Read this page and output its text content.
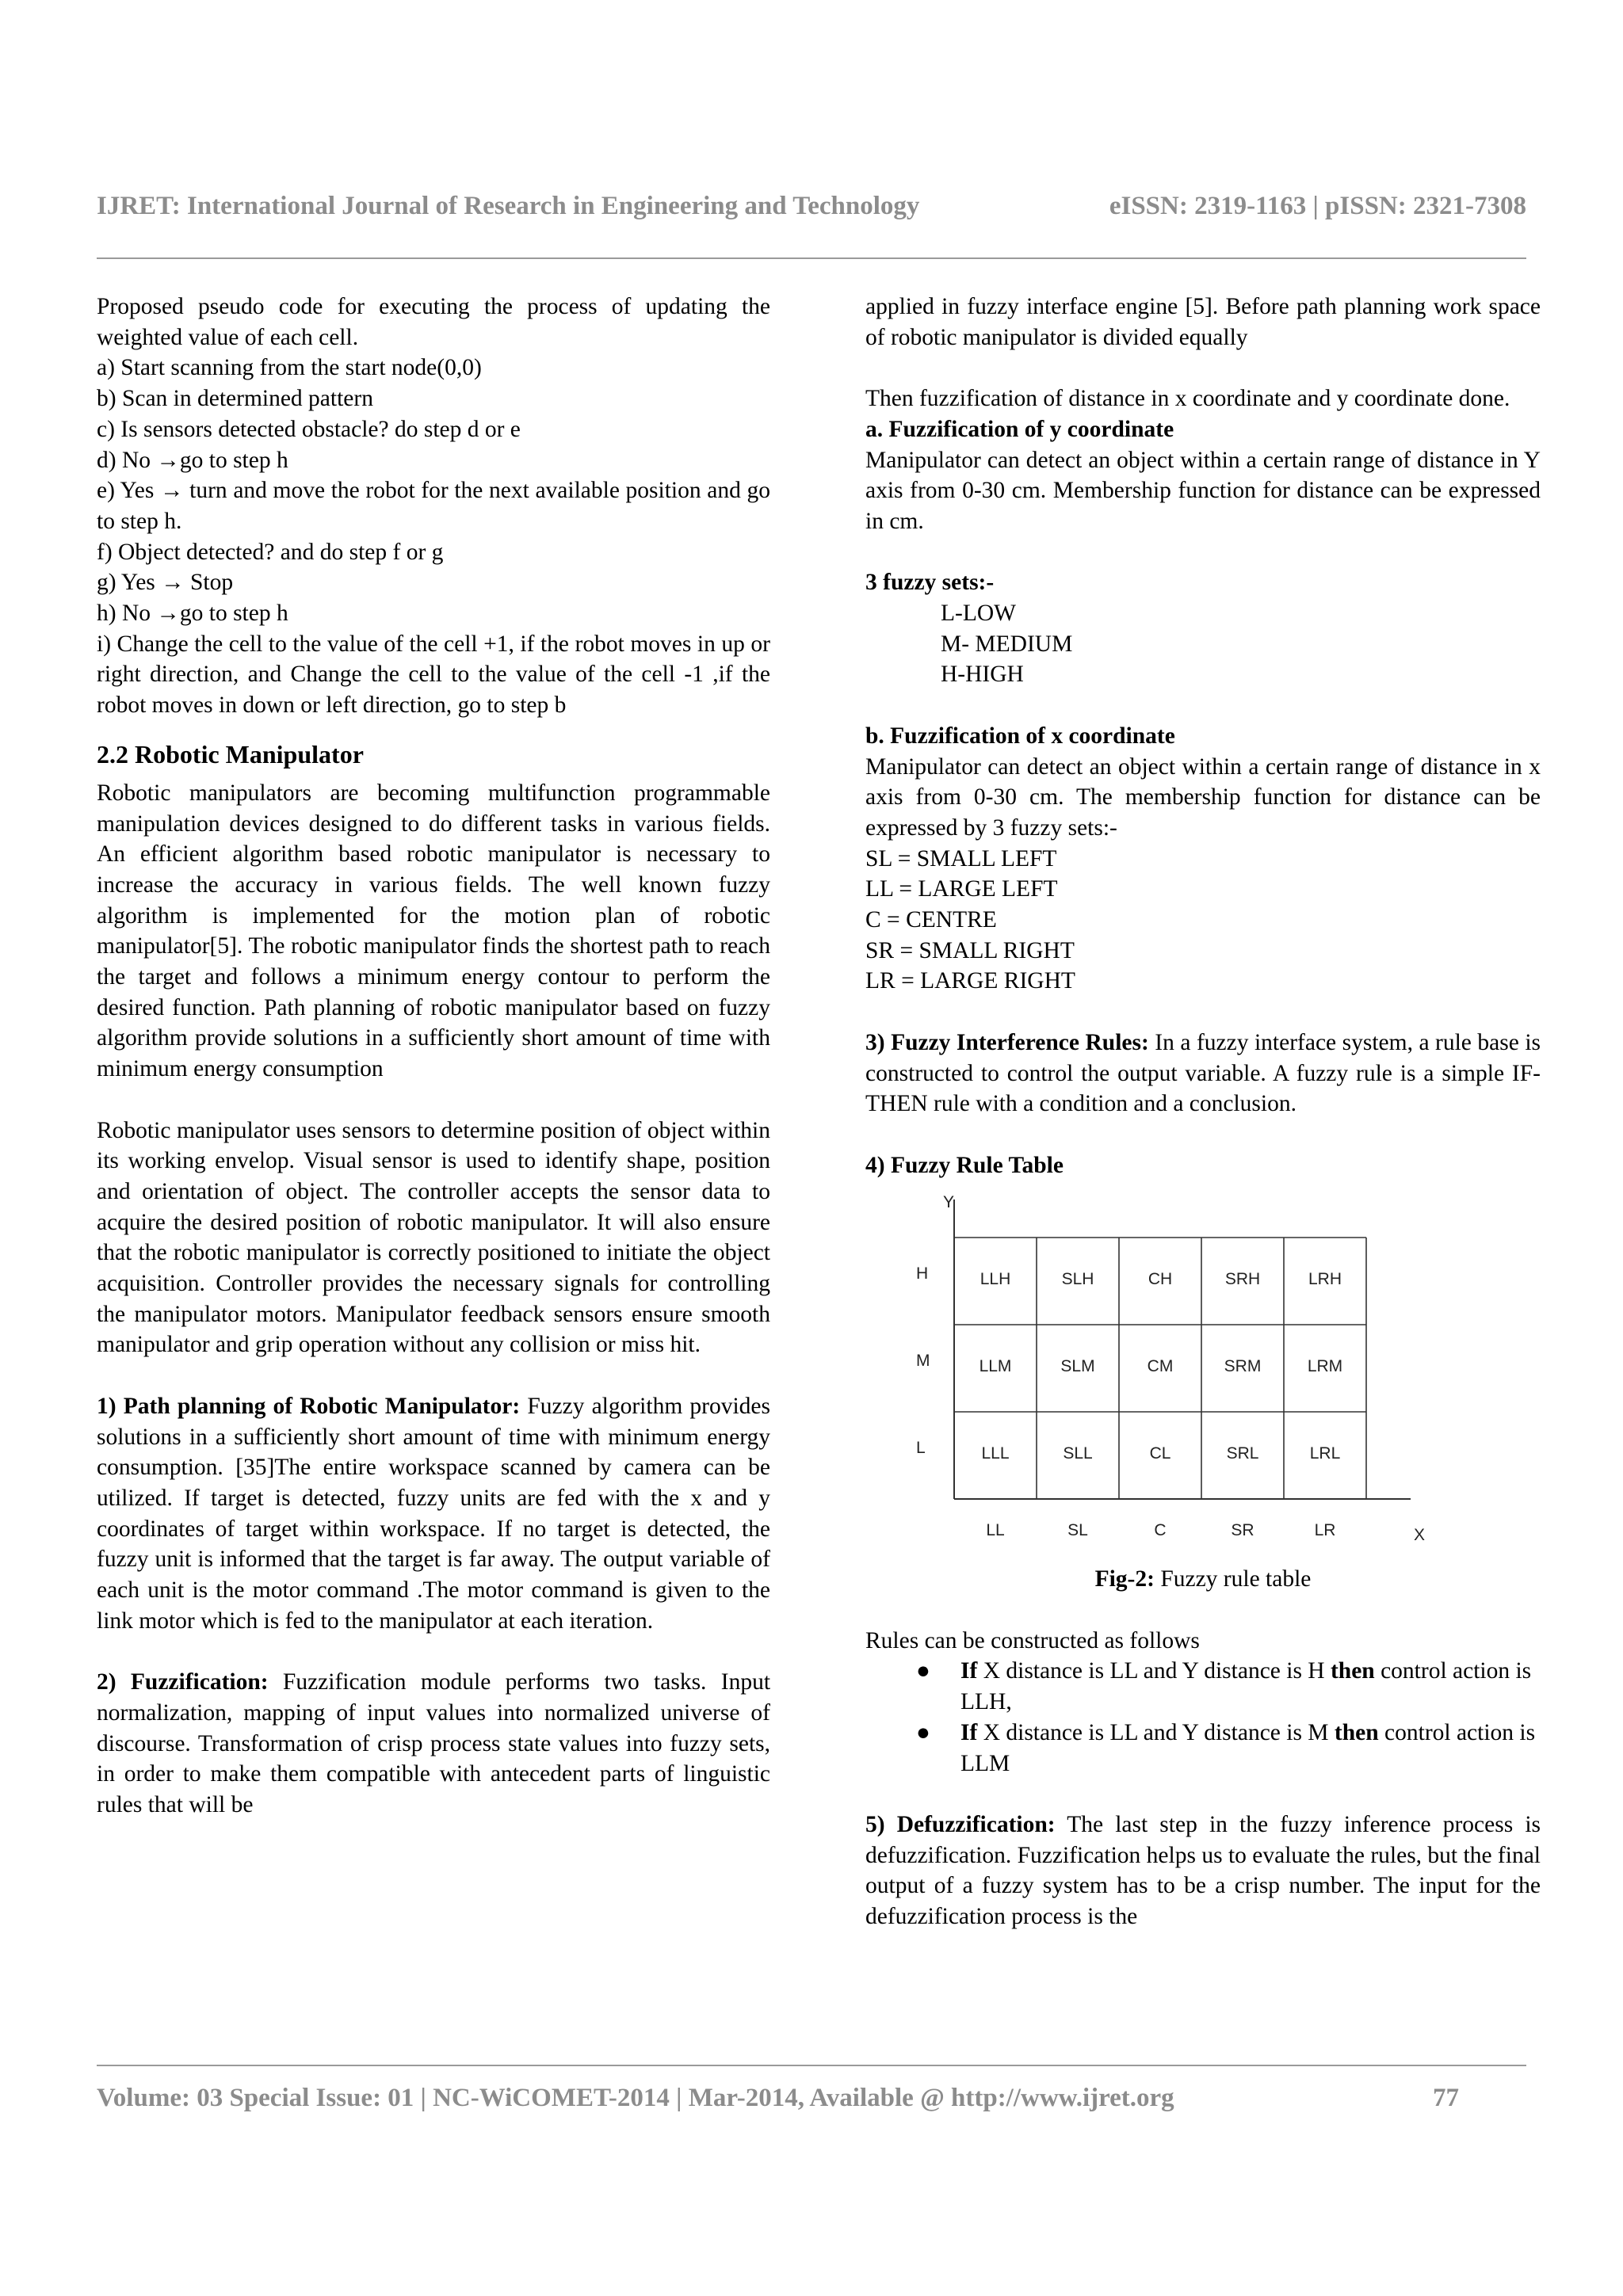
IJRET: International Journal of Research in Engineering and Technology	eISSN: 2319-1163 | pISSN: 2321-7308

Proposed pseudo code for executing the process of updating the weighted value of each cell.

a) Start scanning from the start node(0,0)

b) Scan in determined pattern

c) Is sensors detected obstacle? do step d or e

d) No →go to step h

e) Yes → turn and move the robot for the next available position and go to step h.

f) Object detected? and do step f or g

g) Yes → Stop

h) No →go to step h

i) Change the cell to the value of the cell +1, if the robot moves in up or right direction, and Change the cell to the value of the cell -1 ,if the robot moves in down or left direction, go to step b

2.2 Robotic Manipulator

Robotic manipulators are becoming multifunction programmable manipulation devices designed to do different tasks in various fields. An efficient algorithm based robotic manipulator is necessary to increase the accuracy in various fields. The well known fuzzy algorithm is implemented for the motion plan of robotic manipulator[5]. The robotic manipulator finds the shortest path to reach the target and follows a minimum energy contour to perform the desired function. Path planning of robotic manipulator based on fuzzy algorithm provide solutions in a sufficiently short amount of time with minimum energy consumption

Robotic manipulator uses sensors to determine position of object within its working envelop. Visual sensor is used to identify shape, position and orientation of object. The controller accepts the sensor data to acquire the desired position of robotic manipulator. It will also ensure that the robotic manipulator is correctly positioned to initiate the object acquisition. Controller provides the necessary signals for controlling the manipulator motors. Manipulator feedback sensors ensure smooth manipulator and grip operation without any collision or miss hit.

1) Path planning of Robotic Manipulator: Fuzzy algorithm provides solutions in a sufficiently short amount of time with minimum energy consumption. [35]The entire workspace scanned by camera can be utilized. If target is detected, fuzzy units are fed with the x and y coordinates of target within workspace. If no target is detected, the fuzzy unit is informed that the target is far away. The output variable of each unit is the motor command .The motor command is given to the link motor which is fed to the manipulator at each iteration.

2) Fuzzification: Fuzzification module performs two tasks. Input normalization, mapping of input values into normalized universe of discourse. Transformation of crisp process state values into fuzzy sets, in order to make them compatible with antecedent parts of linguistic rules that will be

applied in fuzzy interface engine [5]. Before path planning work space of robotic manipulator is divided equally

Then fuzzification of distance in x coordinate and y coordinate done.

a. Fuzzification of y coordinate

Manipulator can detect an object within a certain range of distance in Y axis from 0-30 cm. Membership function for distance can be expressed in cm.

3 fuzzy sets:-

L-LOW

M- MEDIUM

H-HIGH

b. Fuzzification of x coordinate

Manipulator can detect an object within a certain range of distance in x axis from 0-30 cm. The membership function for distance can be expressed by 3 fuzzy sets:-

SL = SMALL LEFT

LL = LARGE LEFT

C = CENTRE

SR = SMALL RIGHT

LR = LARGE RIGHT

3) Fuzzy Interference Rules: In a fuzzy interface system, a rule base is constructed to control the output variable. A fuzzy rule is a simple IF-THEN rule with a condition and a conclusion.

4) Fuzzy Rule Table

Y
X
H
M
L
LL	SL	C	SR	LR
LLH	SLH	CH	SRH	LRH
LLM	SLM	CM	SRM	LRM
LLL	SLL	CL	SRL	LRL

Fig-2: Fuzzy rule table

Rules can be constructed as follows

● If X distance is LL and Y distance is H then control action is LLH,
● If X distance is LL and Y distance is M then control action is LLM

5) Defuzzification: The last step in the fuzzy inference process is defuzzification. Fuzzification helps us to evaluate the rules, but the final output of a fuzzy system has to be a crisp number. The input for the defuzzification process is the

Volume: 03 Special Issue: 01 | NC-WiCOMET-2014 | Mar-2014, Available @ http://www.ijret.org	77
